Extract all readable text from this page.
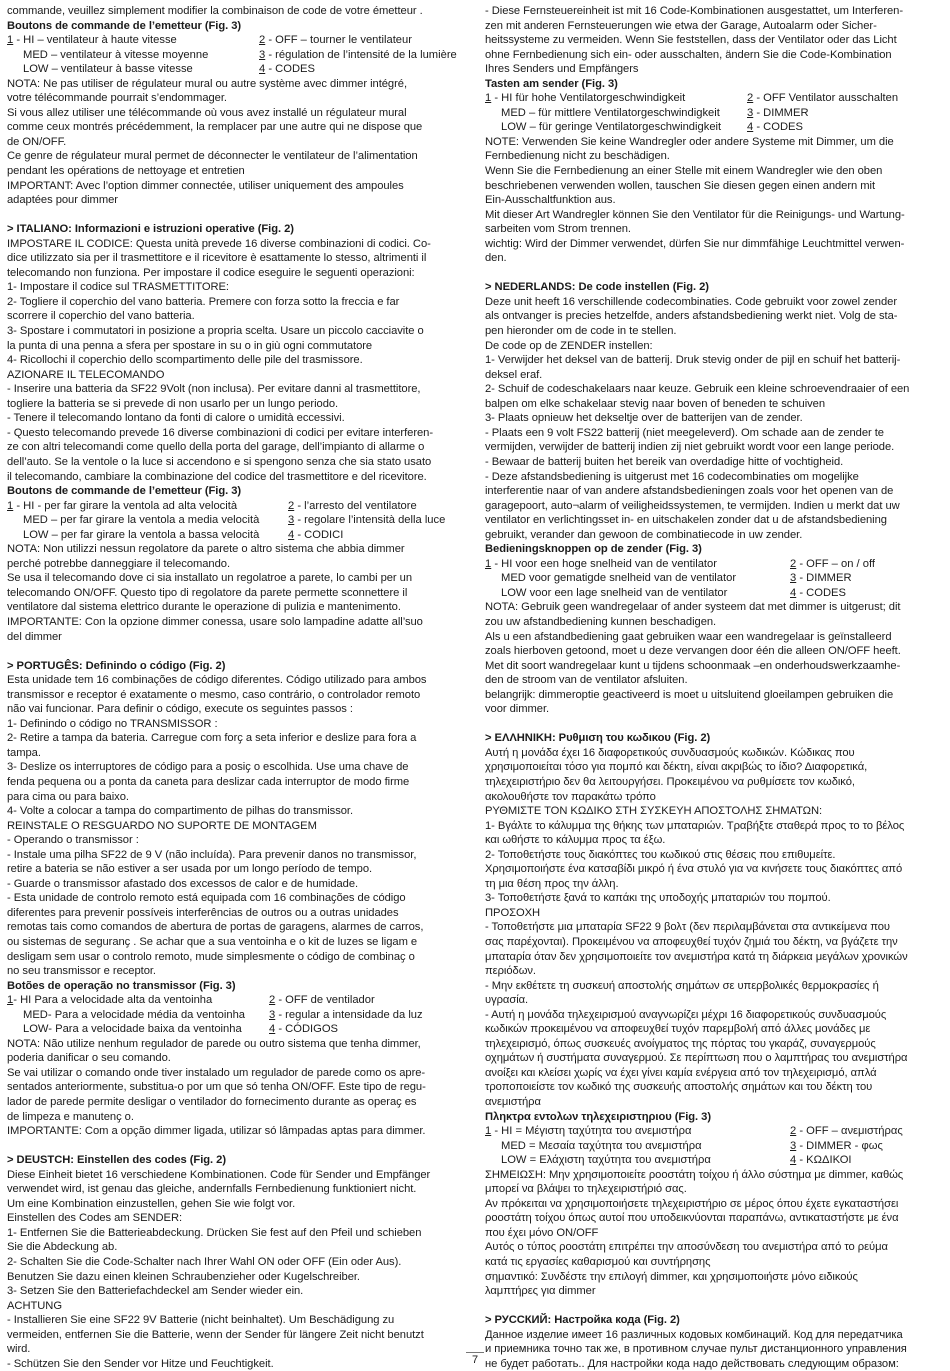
commande, veuillez simplement modifier la combinaison de code de votre émetteur .
Boutons de commande de l’emetteur (Fig. 3)
1 - HI – ventilateur à haute vitesse	2 - OFF – tourner le ventilateur
MED – ventilateur à vitesse moyenne	3 - régulation de l’intensité de la lumière
LOW – ventilateur à basse vitesse	4 - CODES
NOTA: Ne pas utiliser de régulateur mural ou autre système avec dimmer intégré,
votre télécommande pourrait s’endommager.
Si vous allez utiliser une télécommande où vous avez installé un régulateur mural
comme ceux montrés précédemment, la remplacer par une autre qui ne dispose que
de ON/OFF.
Ce genre de régulateur mural permet de déconnecter le ventilateur de l’alimentation
pendant les opérations de nettoyage et entretien
IMPORTANT: Avec l’option dimmer connectée, utiliser uniquement des ampoules
adaptées pour dimmer
> ITALIANO: Informazioni e istruzioni operative (Fig. 2)
IMPOSTARE IL CODICE: Questa unità prevede 16 diverse combinazioni di codici. Co-
dice utilizzato sia per il trasmettitore e il ricevitore è esattamente lo stesso, altrimenti il
telecomando non funziona. Per impostare il codice eseguire le seguenti operazioni:
1- Impostare il codice sul TRASMETTITORE:
2- Togliere il coperchio del vano batteria. Premere con forza sotto la freccia e far
scorrere il coperchio del vano batteria.
3- Spostare i commutatori in posizione a propria scelta. Usare un piccolo cacciavite o
la punta di una penna a sfera per spostare in su o in giù ogni commutatore
4- Ricollochi il coperchio dello scompartimento delle pile del trasmissore.
AZIONARE IL TELECOMANDO
- Inserire una batteria da SF22 9Volt (non inclusa). Per evitare danni al trasmettitore,
togliere la batteria se si prevede di non usarlo per un lungo periodo.
- Tenere il telecomando lontano da fonti di calore o umidità eccessivi.
- Questo telecomando prevede 16 diverse combinazioni di codici per evitare interferen-
ze con altri telecomandi come quello della porta del garage, dell’impianto di allarme o
dell’auto. Se la ventole o la luce si accendono e si spengono senza che sia stato usato
il telecomando, cambiare la combinazione del codice del trasmettitore e del ricevitore.
Boutons de commande de l’emetteur (Fig. 3)
1 - HI - per far girare la ventola ad alta velocità	2 - l’arresto del ventilatore
MED – per far girare la ventola a media velocità	3 - regolare l’intensità della luce
LOW – per far girare la ventola a bassa velocità	4 - CODICI
NOTA: Non utilizzi nessun regolatore da parete o altro sistema che abbia dimmer
perché potrebbe danneggiare il telecomando.
Se usa il telecomando dove ci sia installato un regolatroe a parete, lo cambi per un
telecomando ON/OFF. Questo tipo di regolatore da parete permette sconnettere il
ventilatore dal sistema elettrico durante le operazione di pulizia e mantenimento.
IMPORTANTE: Con la opzione dimmer conessa, usare solo lampadine adatte all’suo
del dimmer
> PORTUGÊS: Definindo o código (Fig. 2)
Esta unidade tem 16 combinações de código diferentes. Código utilizado para ambos
transmissor e receptor é exatamente o mesmo, caso contrário, o controlador remoto
não vai funcionar. Para definir o código, execute os seguintes passos :
1- Definindo o código no TRANSMISSOR :
2- Retire a tampa da bateria. Carregue com forҫ a seta inferior e deslize para fora a
tampa.
3- Deslize os interruptores de código para a posiҫ o escolhida. Use uma chave de
fenda pequena ou a ponta da caneta para deslizar cada interruptor de modo firme
para cima ou para baixo.
4- Volte a colocar a tampa do compartimento de pilhas do transmissor.
REINSTALE O RESGUARDO NO SUPORTE DE MONTAGEM
- Operando o transmissor :
- Instale uma pilha SF22 de 9 V (não incluída). Para prevenir danos no transmissor,
retire a bateria se não estiver a ser usada por um longo período de tempo.
- Guarde o transmissor afastado dos excessos de calor e de humidade.
- Esta unidade de controlo remoto está equipada com 16 combinaҫões de código
diferentes para prevenir possíveis interferências de outros ou a outras unidades
remotas tais como comandos de abertura de portas de garagens, alarmes de carros,
ou sistemas de seguranҫ . Se achar que a sua ventoinha e o kit de luzes se ligam e
desligam sem usar o controlo remoto, mude simplesmente o código de combinaҫ o
no seu transmissor e receptor.
Botões de operação no transmissor (Fig. 3)
1- HI Para a velocidade alta da ventoinha	2 - OFF de ventilador
MED- Para a velocidade média da ventoinha 3 - regular a intensidade da luz
LOW- Para a velocidade baixa da ventoinha 4 - CÓDIGOS
NOTA: Não utilize nenhum regulador de parede ou outro sistema que tenha dimmer,
poderia danificar o seu comando.
Se vai utilizar o comando onde tiver instalado um regulador de parede como os apre-
sentados anteriormente, substitua-o por um que só tenha ON/OFF. Este tipo de regu-
lador de parede permite desligar o ventilador do fornecimento durante as operaҫ es
de limpeza e manutenҫ o.
IMPORTANTE: Com a opção dimmer ligada, utilizar só lâmpadas aptas para dimmer.
> DEUSTCH: Einstellen des codes (Fig. 2)
Diese Einheit bietet 16 verschiedene Kombinationen. Code für Sender und Empfänger
verwendet wird, ist genau das gleiche, andernfalls Fernbedienung funktioniert nicht.
Um eine Kombination einzustellen, gehen Sie wie folgt vor.
Einstellen des Codes am SENDER:
1- Entfernen Sie die Batterieabdeckung. Drücken Sie fest auf den Pfeil und schieben
Sie die Abdeckung ab.
2- Schalten Sie die Code-Schalter nach Ihrer Wahl ON oder OFF (Ein oder Aus).
Benutzen Sie dazu einen kleinen Schraubenzieher oder Kugelschreiber.
3- Setzen Sie den Batteriefachdeckel am Sender wieder ein.
ACHTUNG
- Installieren Sie eine SF22 9V Batterie (nicht beinhaltet). Um Beschädigung zu
vermeiden, entfernen Sie die Batterie, wenn der Sender für längere Zeit nicht benutzt
wird.
- Schützen Sie den Sender vor Hitze und Feuchtigkeit.
- Diese Fernsteuereinheit ist mit 16 Code-Kombinationen ausgestattet, um Interferen-
zen mit anderen Fernsteuerungen wie etwa der Garage, Autoalarm oder Sicher-
heitssysteme zu vermeiden. Wenn Sie feststellen, dass der Ventilator oder das Licht
ohne Fernbedienung sich ein- oder ausschalten, ändern Sie die Code-Kombination
Ihres Senders und Empfängers
Tasten am sender (Fig. 3)
1 - HI für hohe Ventilatorgeschwindigkeit	2 - OFF Ventilator ausschalten
MED – für mittlere Ventilatorgeschwindigkeit 3 - DIMMER
LOW – für geringe Ventilatorgeschwindigkeit 4 - CODES
NOTE: Verwenden Sie keine Wandregler oder andere Systeme mit Dimmer, um die
Fernbedienung nicht zu beschädigen.
Wenn Sie die Fernbedienung an einer Stelle mit einem Wandregler wie den oben
beschriebenen verwenden wollen, tauschen Sie diesen gegen einen andern mit
Ein-Ausschaltfunktion aus.
Mit dieser Art Wandregler können Sie den Ventilator für die Reinigungs- und Wartung-
sarbeiten vom Strom trennen.
wichtig: Wird der Dimmer verwendet, dürfen Sie nur dimmfähige Leuchtmittel verwen-
den.
> NEDERLANDS: De code instellen (Fig. 2)
Deze unit heeft 16 verschillende codecombinaties. Code gebruikt voor zowel zender
als ontvanger is precies hetzelfde, anders afstandsbediening werkt niet. Volg de sta-
pen hieronder om de code in te stellen.
De code op de ZENDER instellen:
1- Verwijder het deksel van de batterij. Druk stevig onder de pijl en schuif het batterij-
deksel eraf.
2- Schuif de codeschakelaars naar keuze. Gebruik een kleine schroevendraaier of een
balpen om elke schakelaar stevig naar boven of beneden te schuiven
3- Plaats opnieuw het dekseltje over de batterijen van de zender.
- Plaats een 9 volt FS22 batterij (niet meegeleverd). Om schade aan de zender te
vermijden, verwijder de batterij indien zij niet gebruikt wordt voor een lange periode.
- Bewaar de batterij buiten het bereik van overdadige hitte of vochtigheid.
- Deze afstandsbediening is uitgerust met 16 codecombinaties om mogelijke
interferentie naar of van andere afstandsbedieningen zoals voor het openen van de
garagepoort, auto¬alarm of veiligheidssystemen, te vermijden. Indien u merkt dat uw
ventilator en verlichtingsset in- en uitschakelen zonder dat u de afstandsbediening
gebruikt, verander dan gewoon de combinatiecode in uw zender.
Bedieningsknoppen op de zender (Fig. 3)
1 - HI voor een hoge snelheid van de ventilator	2 - OFF – on / off
MED voor gematigde snelheid van de ventilator	3 - DIMMER
LOW voor een lage snelheid van de ventilator	4 - CODES
NOTA: Gebruik geen wandregelaar of ander systeem dat met dimmer is uitgerust; dit
zou uw afstandbediening kunnen beschadigen.
Als u een afstandbediening gaat gebruiken waar een wandregelaar is geïnstalleerd
zoals hierboven getoond, moet u deze vervangen door één die alleen ON/OFF heeft.
Met dit soort wandregelaar kunt u tijdens schoonmaak –en onderhoudswerkzaamhe-
den de stroom van de ventilator afsluiten.
belangrijk: dimmeroptie geactiveerd is moet u uitsluitend gloeilampen gebruiken die
voor dimmer.
> ΕΛΛΗΝΙΚΗ: Ρυθμιση του κωδικου (Fig. 2)
Αυτή η μονάδα έχει 16 διαφορετικούς συνδυασμούς κωδικών. Κώδικας που
χρησιμοποιείται τόσο για πομπό και δέκτη, είναι ακριβώς το ίδιο? Διαφορετικά,
τηλεχειριστήριο δεν θα λειτουργήσει. Προκειμένου να ρυθμίσετε τον κωδικό,
ακολουθήστε τον παρακάτω τρόπο
ΡΥΘΜΙΣΤΕ ΤΟΝ ΚΩΔΙΚΟ ΣΤΗ ΣΥΣΚΕΥΗ ΑΠΟΣΤΟΛΗΣ ΣΗΜΑΤΩΝ:
1- Βγάλτε το κάλυμμα της θήκης των μπαταριών. Τραβήξτε σταθερά προς το το βέλος
και ωθήστε το κάλυμμα προς τα έξω.
2- Τοποθετήστε τους διακόπτες του κωδικού στις θέσεις που επιθυμείτε.
Χρησιμοποιήστε ένα κατσαβίδι μικρό ή ένα στυλό για να κινήσετε τους διακόπτες από
τη μια θέση προς την άλλη.
3- Τοποθετήστε ξανά το καπάκι της υποδοχής μπαταριών του πομπού.
ΠΡΟΣΟΧΗ
- Τοποθετήστε μια μπαταρία SF22 9 βολτ (δεν περιλαμβάνεται στα αντικείμενα που
σας παρέχονται). Προκειμένου να αποφευχθεί τυχόν ζημιά του δέκτη, να βγάζετε την
μπαταρία όταν δεν χρησιμοποιείτε τον ανεμιστήρα κατά τη διάρκεια μεγάλων χρονικών
περιόδων.
- Μην εκθέτετε τη συσκευή αποστολής σημάτων σε υπερβολικές θερμοκρασίες ή
υγρασία.
- Αυτή η μονάδα τηλεχειρισμού αναγνωρίζει μέχρι 16 διαφορετικούς συνδυασμούς
κωδικών προκειμένου να αποφευχθεί τυχόν παρεμβολή από άλλες μονάδες με
τηλεχειρισμό, όπως συσκευές ανοίγματος της πόρτας του γκαράζ, συναγερμούς
οχημάτων ή συστήματα συναγερμού. Σε περίπτωση που ο λαμπτήρας του ανεμιστήρα
ανοίξει και κλείσει χωρίς να έχει γίνει καμία ενέργεια από τον τηλεχειρισμό, απλά
τροποποιείστε τον κωδικό της συσκευής αποστολής σημάτων και του δέκτη του
ανεμιστήρα
Πληκτρα εντολων τηλεχειριστηριου (Fig. 3)
1 - HI = Μέγιστη ταχύτητα του ανεμιστήρα	2 - OFF – ανεμιστήρας
MED = Μεσαία ταχύτητα του ανεμιστήρα	3 - DIMMER - φως
LOW = Ελάχιστη ταχύτητα του ανεμιστήρα	4 - ΚΩΔΙΚΟΙ
ΣΗΜΕΙΩΣΗ: Μην χρησιμοποιείτε ροοστάτη τοίχου ή άλλο σύστημα με dimmer, καθώς
μπορεί να βλάψει το τηλεχειριστήριό σας.
Αν πρόκειται να χρησιμοποιήσετε τηλεχειριστήριο σε μέρος όπου έχετε εγκαταστήσει
ροοστάτη τοίχου όπως αυτοί που υποδεικνύονται παραπάνω, αντικαταστήστε με ένα
που έχει μόνο ON/OFF
Αυτός ο τύπος ροοστάτη επιτρέπει την αποσύνδεση του ανεμιστήρα από το ρεύμα
κατά τις εργασίες καθαρισμού και συντήρησης
σημαντικό: Συνδέστε την επιλογή dimmer, και χρησιμοποιήστε μόνο ειδικούς
λαμπτήρες για dimmer
> РУССКИЙ: Настройка кода (Fig. 2)
Данное изделие имеет 16 различных кодовых комбинаций. Код для передатчика
и приемника точно так же, в противном случае пульт дистанционного управления
не будет работать.. Для настройки кода надо действовать следующим образом:
7
